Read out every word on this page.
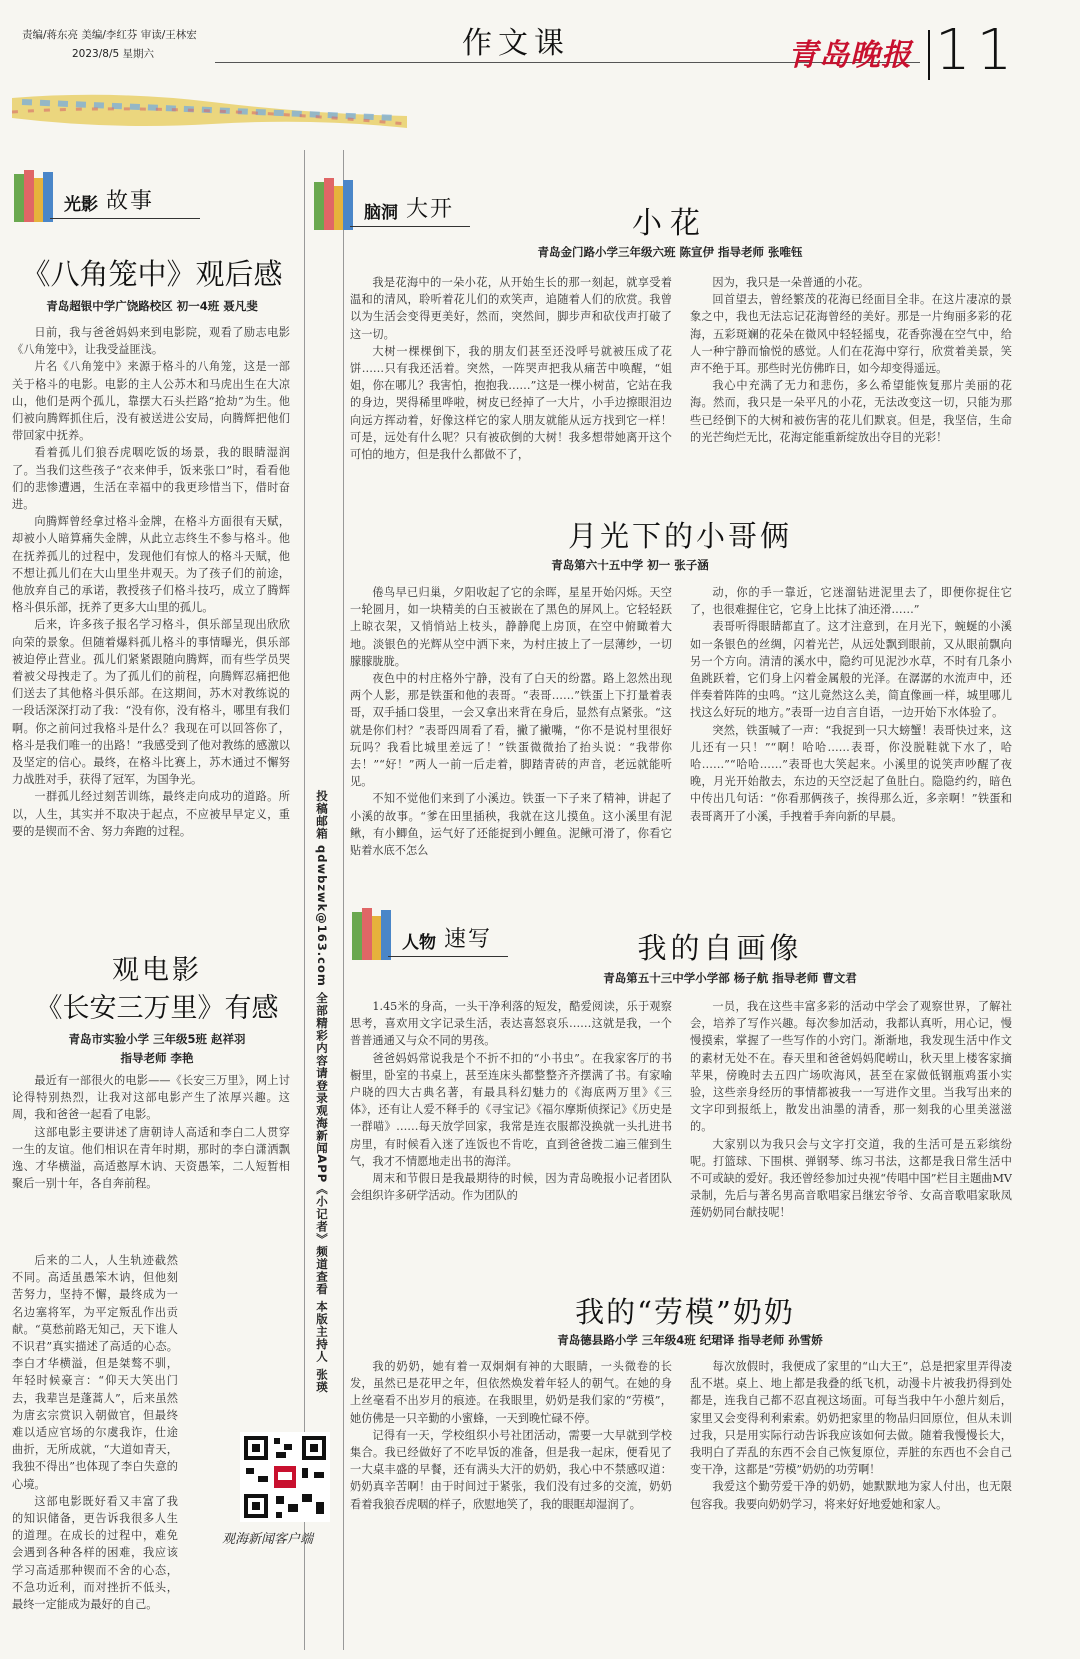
责编/蒋东亮 美编/李红芬 审读/王林宏
2023/8/5 星期六	作文课	青岛晚报 11
光影 故事
《八角笼中》观后感
青岛超银中学广饶路校区 初一4班 聂凡斐

日前，我与爸爸妈妈来到电影院，观看了励志电影《八角笼中》，让我受益匪浅。

片名《八角笼中》来源于格斗的八角笼，这是一部关于格斗的电影。电影的主人公苏木和马虎出生在大凉山，他们是两个孤儿，靠摆大石头拦路“抢劫”为生。他们被向腾辉抓住后，没有被送进公安局，向腾辉把他们带回家中抚养。

看着孤儿们狼吞虎咽吃饭的场景，我的眼睛湿润了。当我们这些孩子“衣来伸手，饭来张口”时，看看他们的悲惨遭遇，生活在幸福中的我更珍惜当下，借时奋进。

向腾辉曾经拿过格斗金牌，在格斗方面很有天赋，却被小人暗算痛失金牌，从此立志终生不参与格斗。他在抚养孤儿的过程中，发现他们有惊人的格斗天赋，他不想让孤儿们在大山里坐井观天。为了孩子们的前途，他放弃自己的承诺，教授孩子们格斗技巧，成立了腾辉格斗俱乐部，抚养了更多大山里的孤儿。

后来，许多孩子报名学习格斗，俱乐部呈现出欣欣向荣的景象。但随着爆料孤儿格斗的事情曝光，俱乐部被迫停止营业。孤儿们紧紧跟随向腾辉，而有些学员哭着被父母拽走了。为了孤儿们的前程，向腾辉忍痛把他们送去了其他格斗俱乐部。在这期间，苏木对教练说的一段话深深打动了我：“没有你，没有格斗，哪里有我们啊。你之前问过我格斗是什么？我现在可以回答你了，格斗是我们唯一的出路！”我感受到了他对教练的感激以及坚定的信心。最终，在格斗比赛上，苏木通过不懈努力战胜对手，获得了冠军，为国争光。

一群孤儿经过刻苦训练，最终走向成功的道路。所以，人生，其实并不取决于起点，不应被早早定义，重要的是锲而不舍、努力奔跑的过程。

观电影
《长安三万里》有感
青岛市实验小学 三年级5班 赵祥羽
指导老师 李艳

最近有一部很火的电影——《长安三万里》，网上讨论得特别热烈，让我对这部电影产生了浓厚兴趣。这周，我和爸爸一起看了电影。

这部电影主要讲述了唐朝诗人高适和李白二人贯穿一生的友谊。他们相识在青年时期，那时的李白潇洒飘逸、才华横溢，高适憨厚木讷、天资愚笨，二人短暂相聚后一别十年，各自奔前程。

后来的二人，人生轨迹截然不同。高适虽愚笨木讷，但他刻苦努力，坚持不懈，最终成为一名边塞将军，为平定叛乱作出贡献。“莫愁前路无知己，天下谁人不识君”真实描述了高适的心态。李白才华横溢，但是桀骜不驯，年轻时候豪言：“仰天大笑出门去，我辈岂是蓬蒿人”，后来虽然为唐玄宗赏识入朝做官，但最终难以适应官场的尔虞我诈，仕途曲折，无所成就，“大道如青天，我独不得出”也体现了李白失意的心境。

这部电影既好看又丰富了我的知识储备，更告诉我很多人生的道理。在成长的过程中，难免会遇到各种各样的困难，我应该学习高适那种锲而不舍的心态，不急功近利，而对挫折不低头，最终一定能成为最好的自己。

投稿邮箱 qdwbzwk@163.com 全部精彩内容请登录观海新闻APP《小记者》频道查看 本版主持人 张瑛
观海新闻客户端
脑洞 大开	小花
青岛金门路小学三年级六班 陈宣伊 指导老师 张唯钰

我是花海中的一朵小花，从开始生长的那一刻起，就享受着温和的清风，聆听着花儿们的欢笑声，追随着人们的欣赏。我曾以为生活会变得更美好，然而，突然间，脚步声和砍伐声打破了这一切。

大树一棵棵倒下，我的朋友们甚至还没呼号就被压成了花饼……只有我还活着。突然，一阵哭声把我从痛苦中唤醒，“姐姐，你在哪儿？我害怕，抱抱我……”这是一棵小树苗，它站在我的身边，哭得稀里哗啦，树皮已经掉了一大片，小手边擦眼泪边向远方挥动着，好像这样它的家人朋友就能从远方找到它一样！可是，远处有什么呢？只有被砍倒的大树！我多想带她离开这个可怕的地方，但是我什么都做不了，

因为，我只是一朵普通的小花。

回首望去，曾经繁茂的花海已经面目全非。在这片凄凉的景象之中，我也无法忘记花海曾经的美好。那是一片绚丽多彩的花海，五彩斑斓的花朵在微风中轻轻摇曳，花香弥漫在空气中，给人一种宁静而愉悦的感觉。人们在花海中穿行，欣赏着美景，笑声不绝于耳。那些时光仿佛昨日，如今却变得遥远。

我心中充满了无力和悲伤，多么希望能恢复那片美丽的花海。然而，我只是一朵平凡的小花，无法改变这一切，只能为那些已经倒下的大树和被伤害的花儿们默哀。但是，我坚信，生命的光芒绚烂无比，花海定能重新绽放出夺目的光彩！

月光下的小哥俩
青岛第六十五中学 初一 张子涵

倦鸟早已归巢，夕阳收起了它的余晖，星星开始闪烁。天空一轮圆月，如一块精美的白玉被嵌在了黑色的屏风上。它轻轻跃上晾衣架，又悄悄站上枝头，静静爬上房顶，在空中俯瞰着大地。淡银色的光辉从空中洒下来，为村庄披上了一层薄纱，一切朦朦胧胧。

夜色中的村庄格外宁静，没有了白天的纷嚣。路上忽然出现两个人影，那是铁蛋和他的表哥。“表哥……”铁蛋上下打量着表哥，双手插口袋里，一会又拿出来背在身后，显然有点紧张。“这就是你们村？”表哥四周看了看，撇了撇嘴，“你不是说村里很好玩吗？我看比城里差远了！”铁蛋微微抬了抬头说：“我带你去！”“好！”两人一前一后走着，脚踏青砖的声音，老远就能听见。

不知不觉他们来到了小溪边。铁蛋一下子来了精神，讲起了小溪的故事。“爹在田里插秧，我就在这儿摸鱼。这小溪里有泥鳅，有小鲫鱼，运气好了还能捉到小鲤鱼。泥鳅可滑了，你看它贴着水底不怎么

动，你的手一靠近，它迷溜钻进泥里去了，即便你捉住它了，也很难握住它，它身上比抹了油还滑……”

表哥听得眼睛都直了。这才注意到，在月光下，蜿蜒的小溪如一条银色的丝绸，闪着光芒，从远处飘到眼前，又从眼前飘向另一个方向。清清的溪水中，隐约可见泥沙水草，不时有几条小鱼跳跃着，它们身上闪着金属般的光泽。在潺潺的水流声中，还伴奏着阵阵的虫鸣。“这儿竟然这么美，简直像画一样，城里哪儿找这么好玩的地方。”表哥一边自言自语，一边开始下水体验了。

突然，铁蛋喊了一声：“我捉到一只大螃蟹！表哥快过来，这儿还有一只！”“啊！哈哈……表哥，你没脱鞋就下水了，哈哈……”“哈哈……”表哥也大笑起来。小溪里的说笑声吵醒了夜晚，月光开始散去，东边的天空泛起了鱼肚白。隐隐约约，暗色中传出几句话：“你看那俩孩子，挨得那么近，多亲啊！”铁蛋和表哥离开了小溪，手拽着手奔向新的早晨。

人物 速写	我的自画像
青岛第五十三中学小学部 杨子航 指导老师 曹文君

1.45米的身高，一头干净利落的短发，酷爱阅读，乐于观察思考，喜欢用文字记录生活，表达喜怒哀乐……这就是我，一个普普通通又与众不同的男孩。

爸爸妈妈常说我是个不折不扣的“小书虫”。在我家客厅的书橱里，卧室的书桌上，甚至连床头都整整齐齐摆满了书。有家喻户晓的四大古典名著，有最具科幻魅力的《海底两万里》《三体》，还有让人爱不释手的《寻宝记》《福尔摩斯侦探记》《历史是一群喵》……每天放学回家，我常是连衣服都没换就一头扎进书房里，有时候看入迷了连饭也不肯吃，直到爸爸拨二遍三催到生气，我才不情愿地走出书的海洋。

周末和节假日是我最期待的时候，因为青岛晚报小记者团队会组织许多研学活动。作为团队的

一员，我在这些丰富多彩的活动中学会了观察世界，了解社会，培养了写作兴趣。每次参加活动，我都认真听，用心记，慢慢摸索，掌握了一些写作的小窍门。渐渐地，我发现生活中作文的素材无处不在。春天里和爸爸妈妈爬崂山，秋天里上楼客家摘苹果，傍晚时去五四广场吹海风，甚至在家做低钢瓶鸡蛋小实验，这些亲身经历的事情都被我一一写进作文里。当我写出来的文字印到报纸上，散发出油墨的清香，那一刻我的心里美滋滋的。

大家别以为我只会与文字打交道，我的生活可是五彩缤纷呢。打篮球、下围棋、弹钢琴、练习书法，这都是我日常生活中不可或缺的爱好。我还曾经参加过央视“传唱中国”栏目主题曲MV录制，先后与著名男高音歌唱家吕继宏爷爷、女高音歌唱家耿凤莲奶奶同台献技呢！

我的“劳模”奶奶
青岛德县路小学 三年级4班 纪珺译 指导老师 孙雪娇

我的奶奶，她有着一双炯炯有神的大眼睛，一头微卷的长发，虽然已是花甲之年，但依然焕发着年轻人的朝气。在她的身上丝毫看不出岁月的痕迹。在我眼里，奶奶是我们家的“劳模”，她仿佛是一只辛勤的小蜜蜂，一天到晚忙碌不停。

记得有一天，学校组织小号社团活动，需要一大早就到学校集合。我已经做好了不吃早饭的准备，但是我一起床，便看见了一大桌丰盛的早餐，还有满头大汗的奶奶，我心中不禁感叹道：奶奶真辛苦啊！由于时间过于紧张，我们没有过多的交流，奶奶看着我狼吞虎咽的样子，欣慰地笑了，我的眼眶却湿润了。

每次放假时，我便成了家里的“山大王”，总是把家里弄得凌乱不堪。桌上、地上都是我叠的纸飞机，动漫卡片被我扔得到处都是，连我自己都不忍直视这场面。可每当我中午小憩片刻后，家里又会变得利利索索。奶奶把家里的物品归回原位，但从未训过我，只是用实际行动告诉我应该如何去做。随着我慢慢长大，我明白了弄乱的东西不会自己恢复原位，弄脏的东西也不会自己变干净，这都是“劳模”奶奶的功劳啊！

我爱这个勤劳爱干净的奶奶，她默默地为家人付出，也无限包容我。我要向奶奶学习，将来好好地爱她和家人。
